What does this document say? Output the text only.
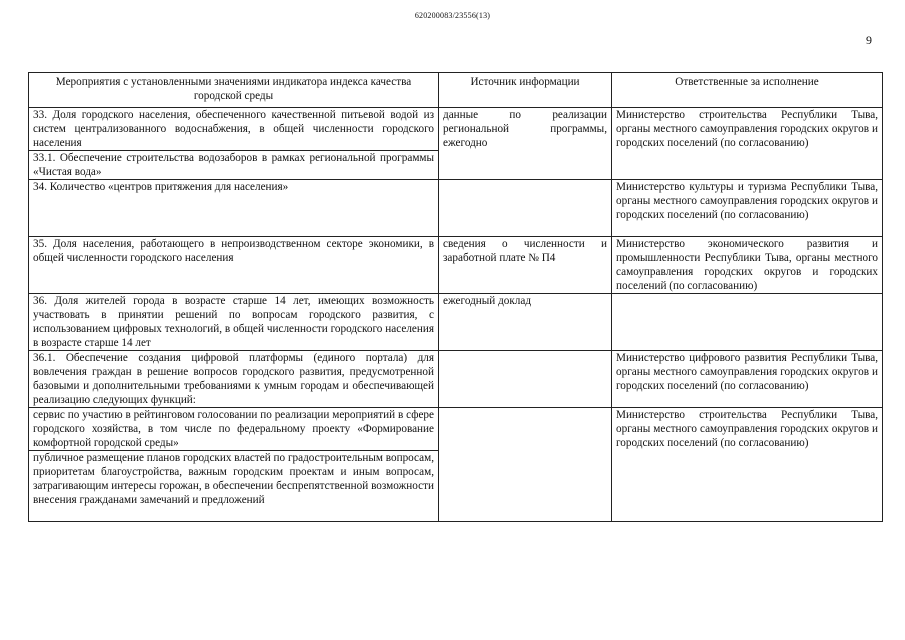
620200083/23556(13)
9
Мероприятия с установленными значениями индикатора индекса качества городской среды	Источник информации	Ответственные за исполнение
33. Доля городского населения, обеспеченного качественной питьевой водой из систем централизованного водоснабжения, в общей численности городского населения	данные по реализации региональной программы, ежегодно	Министерство строительства Республики Тыва, органы местного самоуправления городских округов и городских поселений (по согласованию)
33.1. Обеспечение строительства водозаборов в рамках региональной программы «Чистая вода»		
34. Количество «центров притяжения для населения»		Министерство культуры и туризма Республики Тыва, органы местного самоуправления городских округов и городских поселений (по согласованию)
35. Доля населения, работающего в непроизводственном секторе экономики, в общей численности городского населения	сведения о численности и заработной плате № П4	Министерство экономического развития и промышленности Республики Тыва, органы местного самоуправления городских округов и городских поселений (по согласованию)
36. Доля жителей города в возрасте старше 14 лет, имеющих возможность участвовать в принятии решений по вопросам городского развития, с использованием цифровых технологий, в общей численности городского населения в возрасте старше 14 лет	ежегодный доклад	
36.1. Обеспечение создания цифровой платформы (единого портала) для вовлечения граждан в решение вопросов городского развития, предусмотренной базовыми и дополнительными требованиями к умным городам и обеспечивающей реализацию следующих функций:		Министерство цифрового развития Республики Тыва, органы местного самоуправления городских округов и городских поселений (по согласованию)
сервис по участию в рейтинговом голосовании по реализации мероприятий в сфере городского хозяйства, в том числе по федеральному проекту «Формирование комфортной городской среды»		Министерство строительства Республики Тыва, органы местного самоуправления городских округов и городских поселений (по согласованию)
публичное размещение планов городских властей по градостроительным вопросам, приоритетам благоустройства, важным городским проектам и иным вопросам, затрагивающим интересы горожан, в обеспечении беспрепятственной возможности внесения гражданами замечаний и предложений		
